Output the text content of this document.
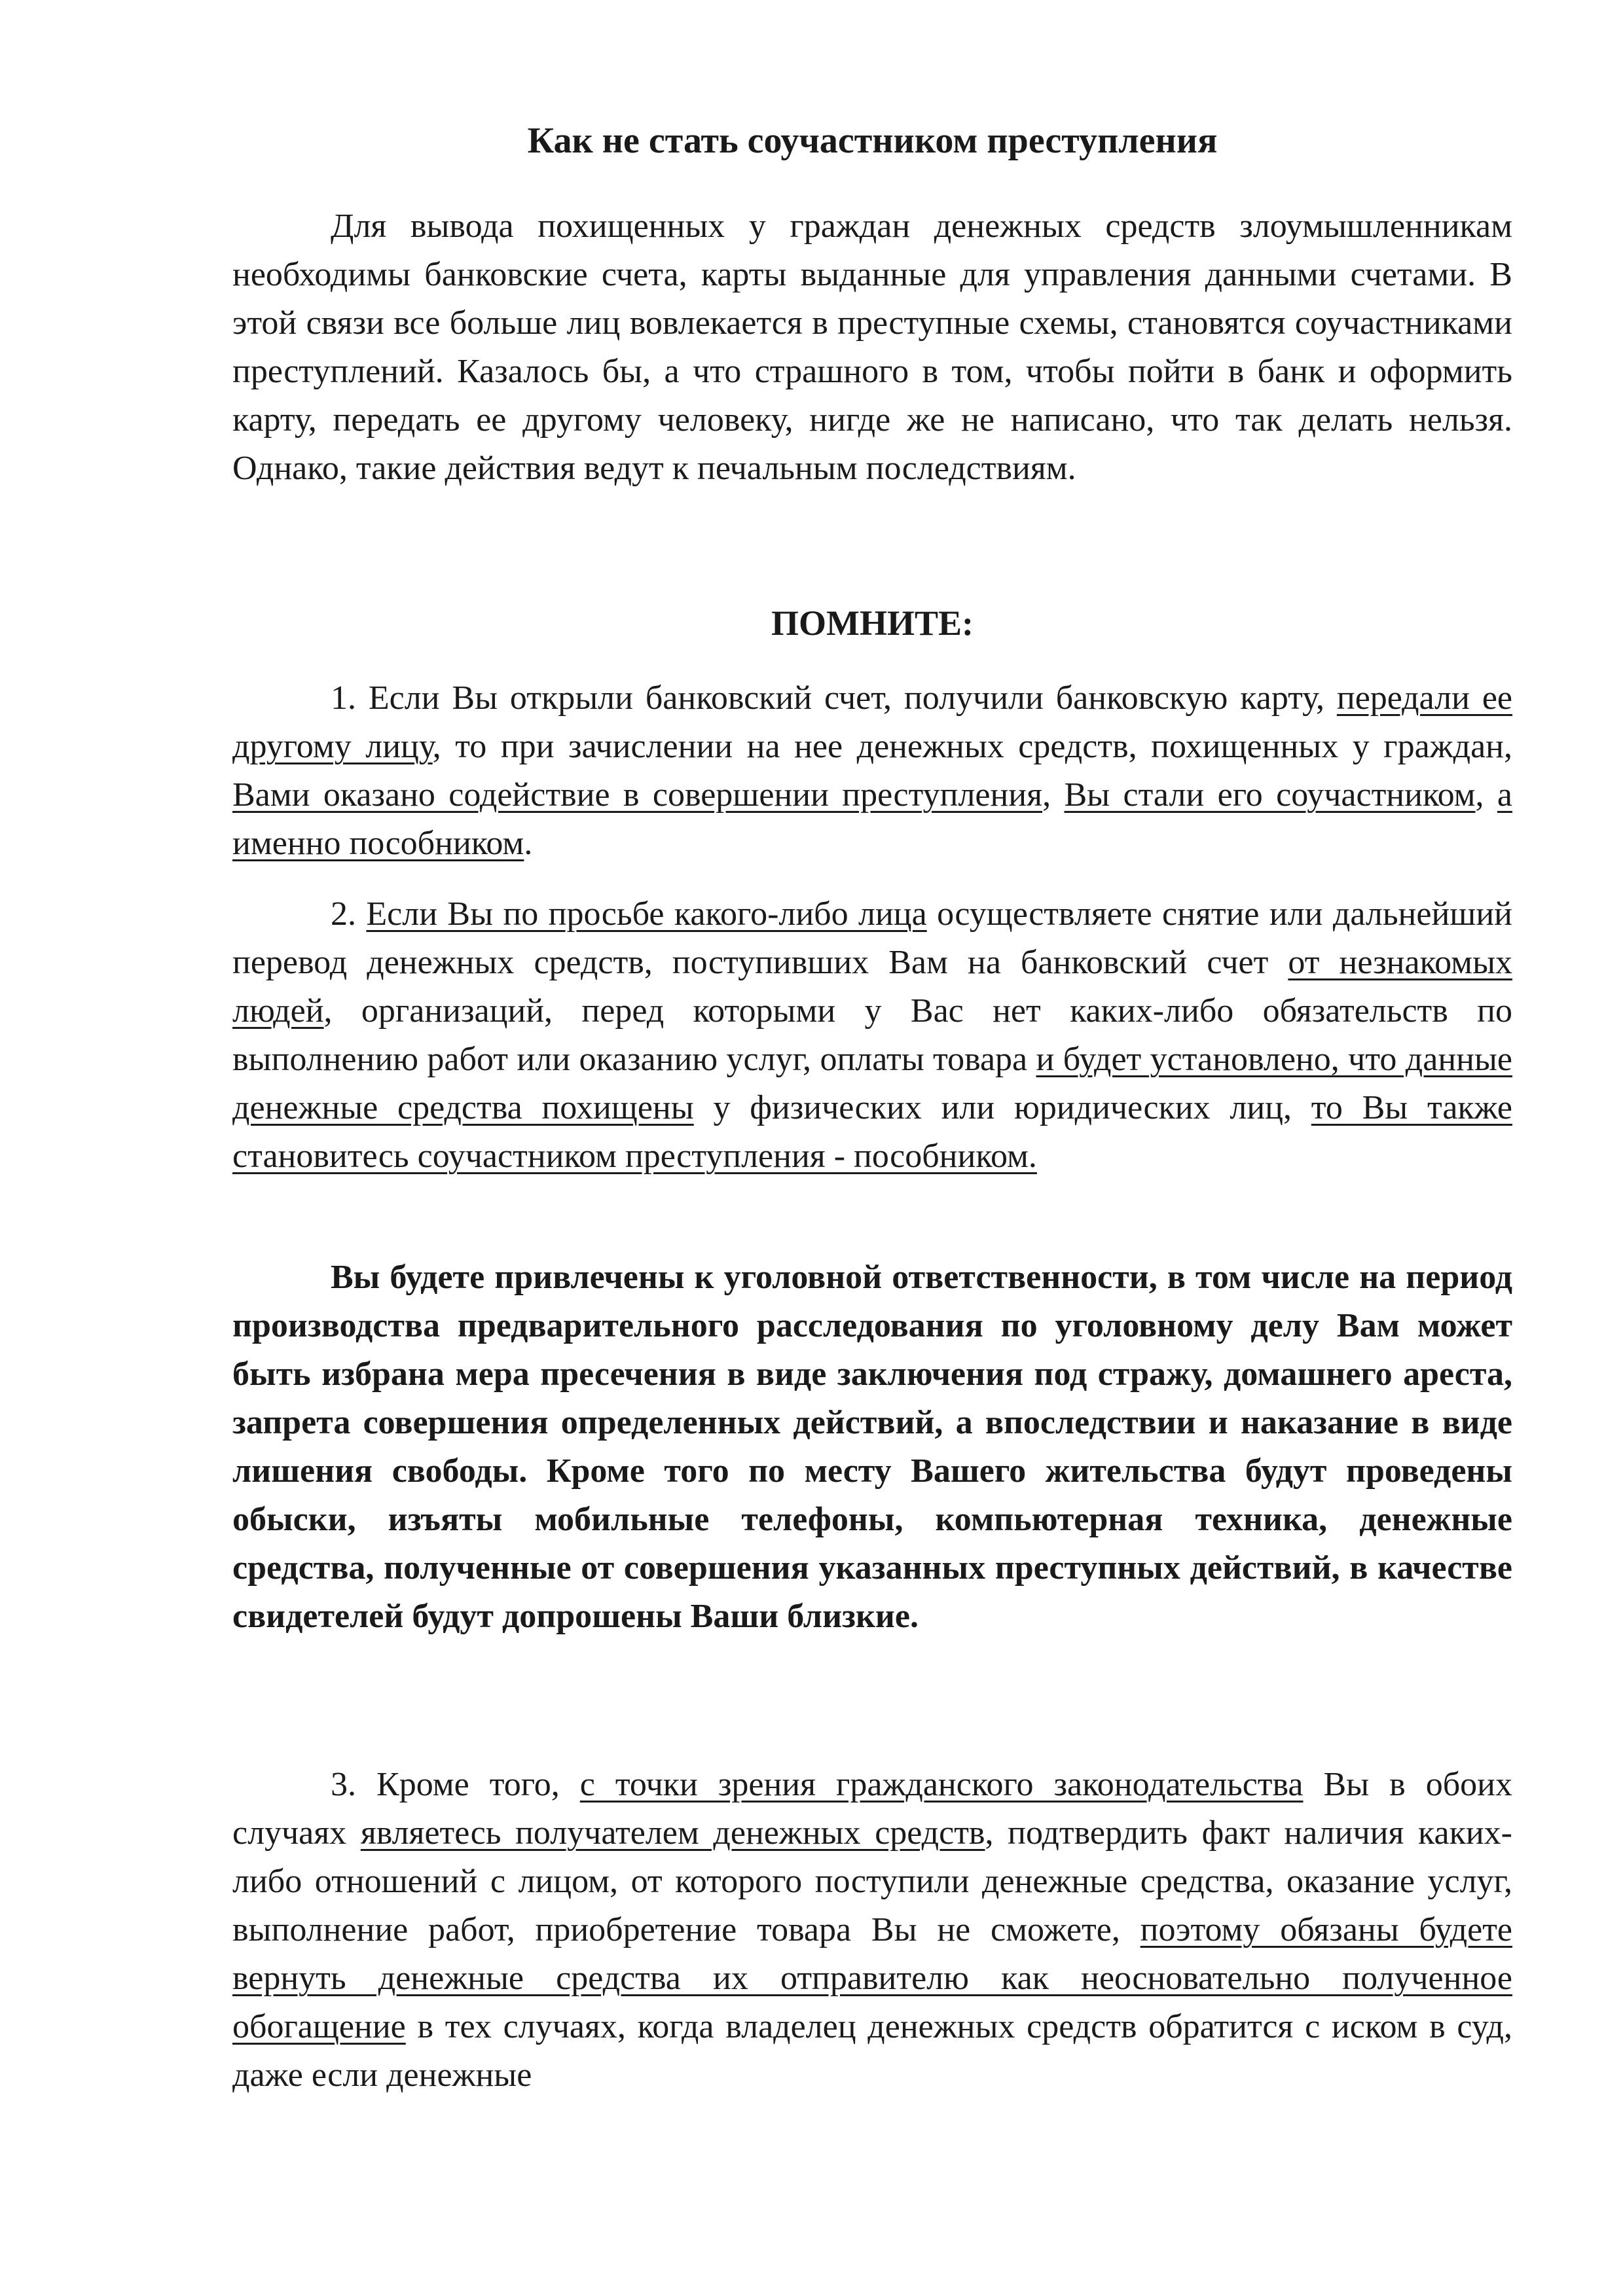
Как не стать соучастником преступления

Для вывода похищенных у граждан денежных средств злоумышленникам необходимы банковские счета, карты выданные для управления данными счетами. В этой связи все больше лиц вовлекается в преступные схемы, становятся соучастниками преступлений. Казалось бы, а что страшного в том, чтобы пойти в банк и оформить карту, передать ее другому человеку, нигде же не написано, что так делать нельзя. Однако, такие действия ведут к печальным последствиям.

ПОМНИТЕ:

1. Если Вы открыли банковский счет, получили банковскую карту, передали ее другому лицу, то при зачислении на нее денежных средств, похищенных у граждан, Вами оказано содействие в совершении преступления, Вы стали его соучастником, а именно пособником.

2. Если Вы по просьбе какого-либо лица осуществляете снятие или дальнейший перевод денежных средств, поступивших Вам на банковский счет от незнакомых людей, организаций, перед которыми у Вас нет каких-либо обязательств по выполнению работ или оказанию услуг, оплаты товара и будет установлено, что данные денежные средства похищены у физических или юридических лиц, то Вы также становитесь соучастником преступления - пособником.

Вы будете привлечены к уголовной ответственности, в том числе на период производства предварительного расследования по уголовному делу Вам может быть избрана мера пресечения в виде заключения под стражу, домашнего ареста, запрета совершения определенных действий, а впоследствии и наказание в виде лишения свободы. Кроме того по месту Вашего жительства будут проведены обыски, изъяты мобильные телефоны, компьютерная техника, денежные средства, полученные от совершения указанных преступных действий, в качестве свидетелей будут допрошены Ваши близкие.

3. Кроме того, с точки зрения гражданского законодательства Вы в обоих случаях являетесь получателем денежных средств, подтвердить факт наличия каких-либо отношений с лицом, от которого поступили денежные средства, оказание услуг, выполнение работ, приобретение товара Вы не сможете, поэтому обязаны будете вернуть денежные средства их отправителю как неосновательно полученное обогащение в тех случаях, когда владелец денежных средств обратится с иском в суд, даже если денежные
